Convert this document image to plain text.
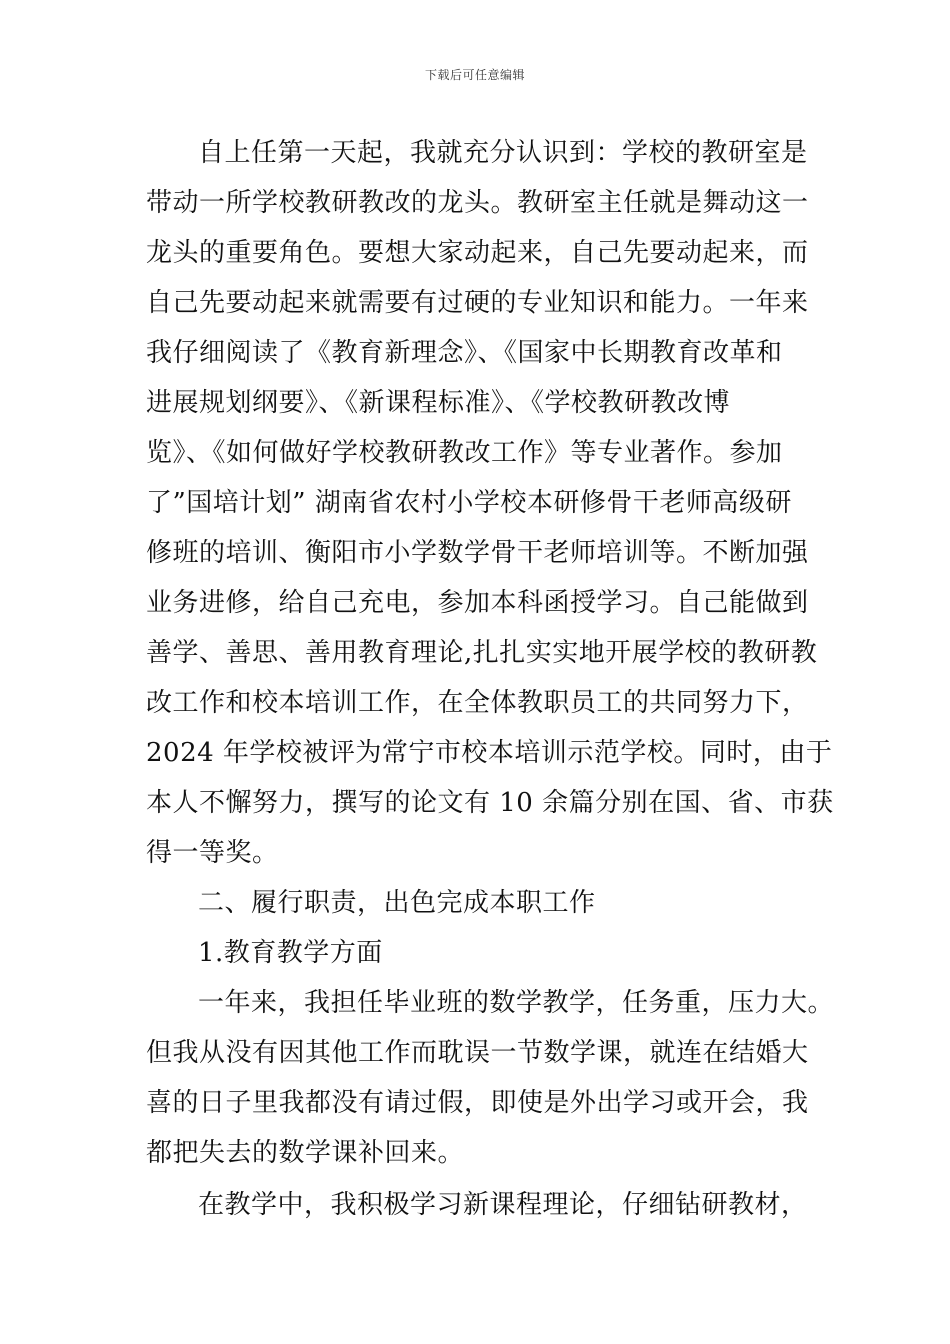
下载后可任意编辑
自上任第一天起，我就充分认识到：学校的教研室是
带动一所学校教研教改的龙头。教研室主任就是舞动这一
龙头的重要角色。要想大家动起来，自己先要动起来，而
自己先要动起来就需要有过硬的专业知识和能力。一年来
我仔细阅读了《教育新理念》、《国家中长期教育改革和
进展规划纲要》、《新课程标准》、《学校教研教改博
览》、《如何做好学校教研教改工作》等专业著作。参加
了”国培计划” 湖南省农村小学校本研修骨干老师高级研
修班的培训、衡阳市小学数学骨干老师培训等。不断加强
业务进修，给自己充电，参加本科函授学习。自己能做到
善学、善思、善用教育理论,扎扎实实地开展学校的教研教
改工作和校本培训工作，在全体教职员工的共同努力下，
2024 年学校被评为常宁市校本培训示范学校。同时，由于
本人不懈努力，撰写的论文有 10 余篇分别在国、省、市获
得一等奖。
二、履行职责，出色完成本职工作
1.教育教学方面
一年来，我担任毕业班的数学教学，任务重，压力大。
但我从没有因其他工作而耽误一节数学课，就连在结婚大
喜的日子里我都没有请过假，即使是外出学习或开会，我
都把失去的数学课补回来。
在教学中，我积极学习新课程理论，仔细钻研教材，
